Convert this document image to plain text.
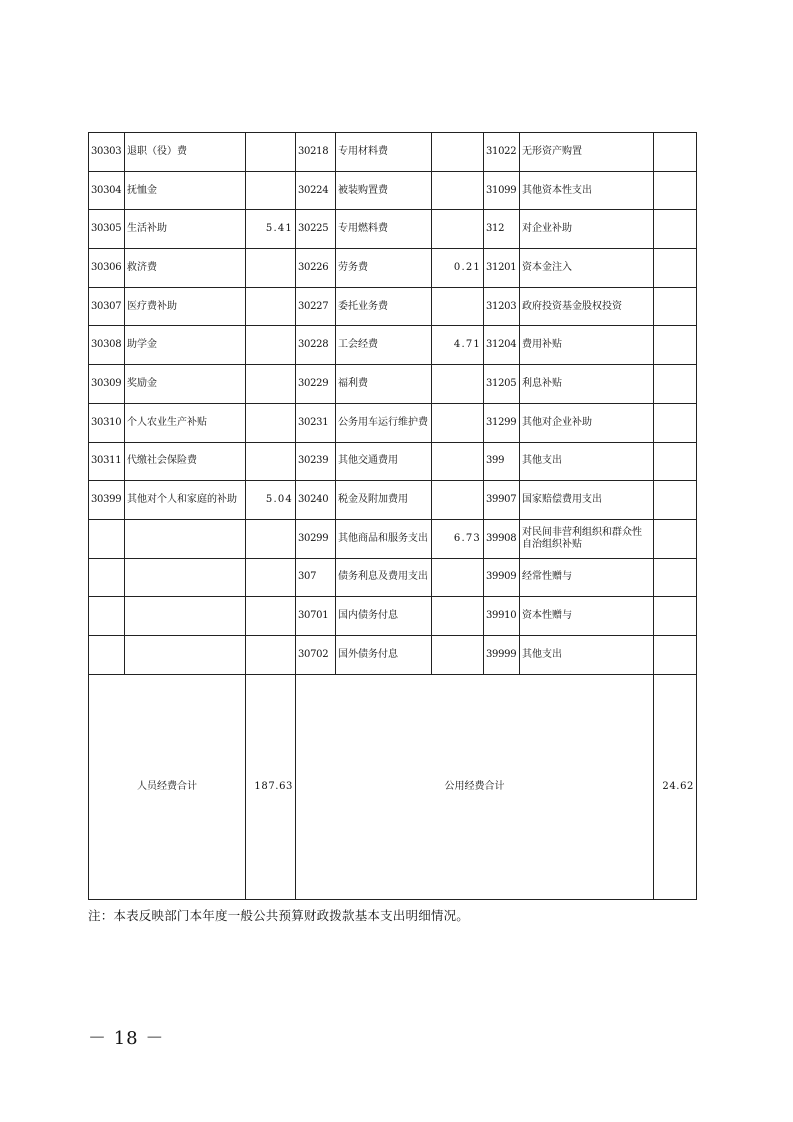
30303	退职（役）费		30218	专用材料费		31022	无形资产购置	
30304	抚恤金		30224	被装购置费		31099	其他资本性支出	
30305	生活补助	5.41	30225	专用燃料费		312	对企业补助	
30306	救济费		30226	劳务费	0.21	31201	资本金注入	
30307	医疗费补助		30227	委托业务费		31203	政府投资基金股权投资	
30308	助学金		30228	工会经费	4.71	31204	费用补贴	
30309	奖励金		30229	福利费		31205	利息补贴	
30310	个人农业生产补贴		30231	公务用车运行维护费		31299	其他对企业补助	
30311	代缴社会保险费		30239	其他交通费用		399	其他支出	
30399	其他对个人和家庭的补助	5.04	30240	税金及附加费用		39907	国家赔偿费用支出	
			30299	其他商品和服务支出	6.73	39908	对民间非营利组织和群众性自治组织补贴	
			307	债务利息及费用支出		39909	经常性赠与	
			30701	国内债务付息		39910	资本性赠与	
			30702	国外债务付息		39999	其他支出	
人员经费合计		187.63	公用经费合计					24.62
注：本表反映部门本年度一般公共预算财政拨款基本支出明细情况。
－ 18 －
